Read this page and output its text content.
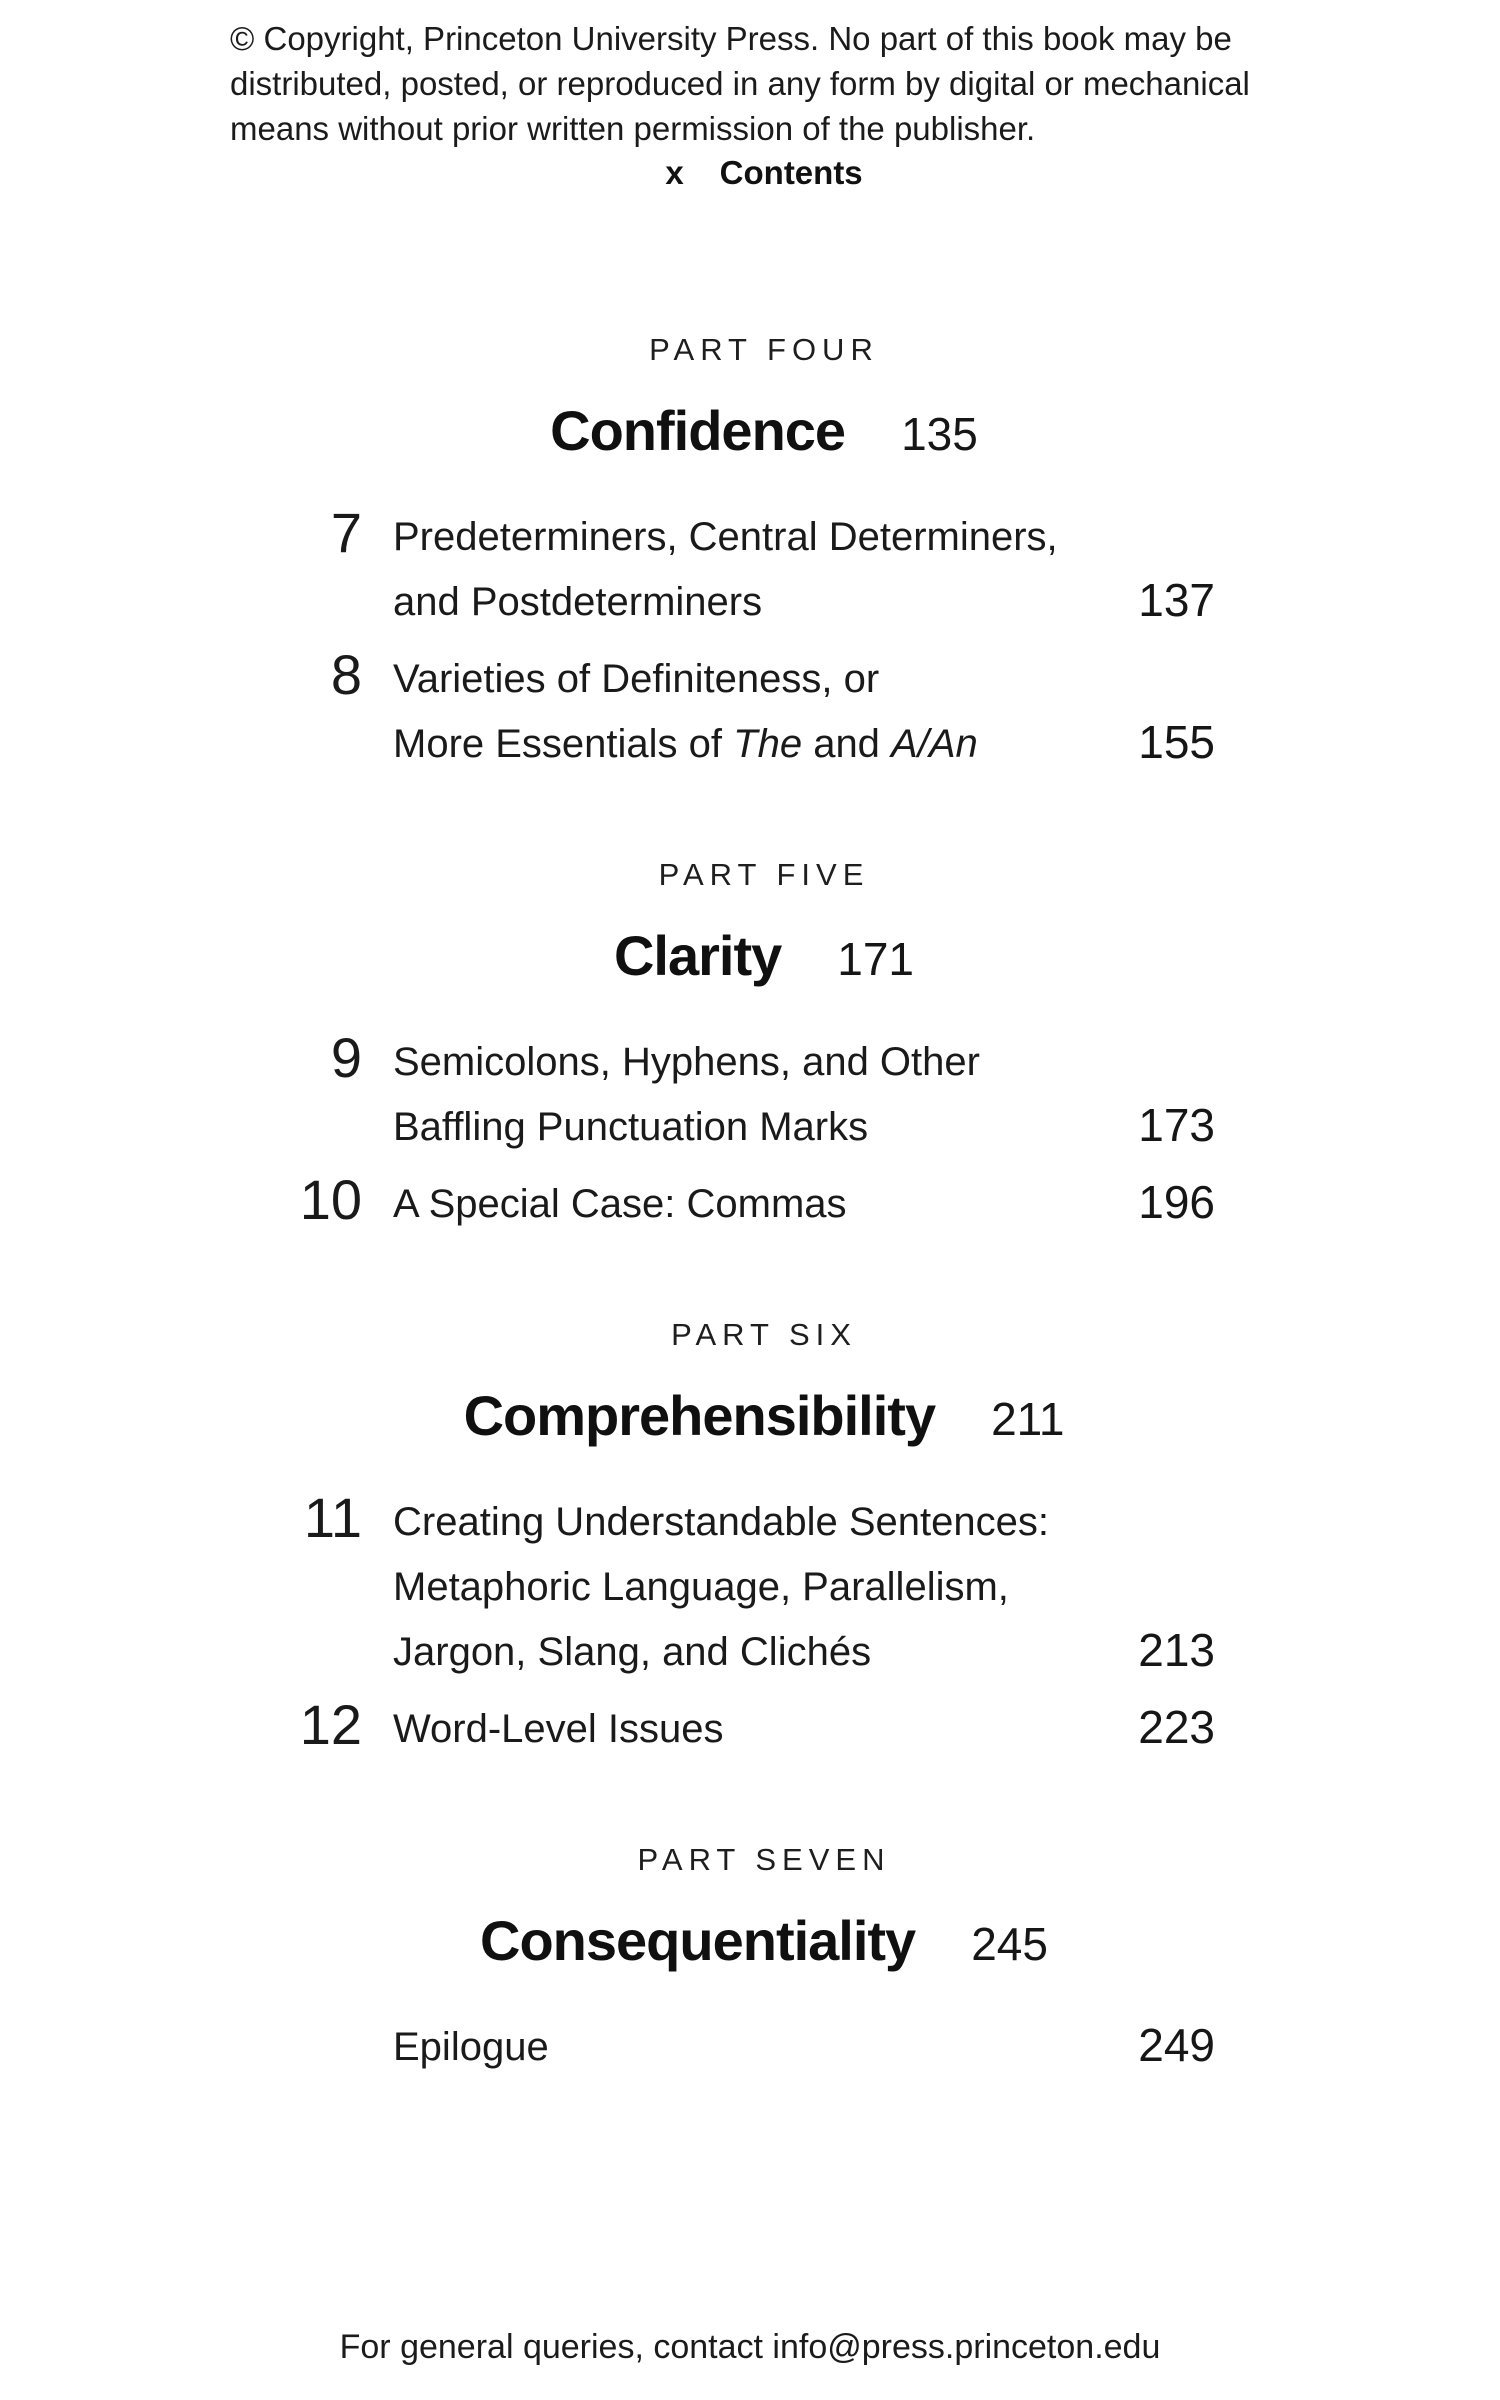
© Copyright, Princeton University Press. No part of this book may be
distributed, posted, or reproduced in any form by digital or mechanical
means without prior written permission of the publisher.
x Contents
PART FOUR
Confidence 135
7 Predeterminers, Central Determiners,
and Postdeterminers	137
8 Varieties of Definiteness, or
More Essentials of The and A/An	155
PART FIVE
Clarity 171
9 Semicolons, Hyphens, and Other
Baffling Punctuation Marks	173
10 A Special Case: Commas	196
PART SIX
Comprehensibility 211
11 Creating Understandable Sentences:
Metaphoric Language, Parallelism,
Jargon, Slang, and Clichés	213
12 Word-Level Issues	223
PART SEVEN
Consequentiality 245
Epilogue	249
For general queries, contact info@press.princeton.edu
